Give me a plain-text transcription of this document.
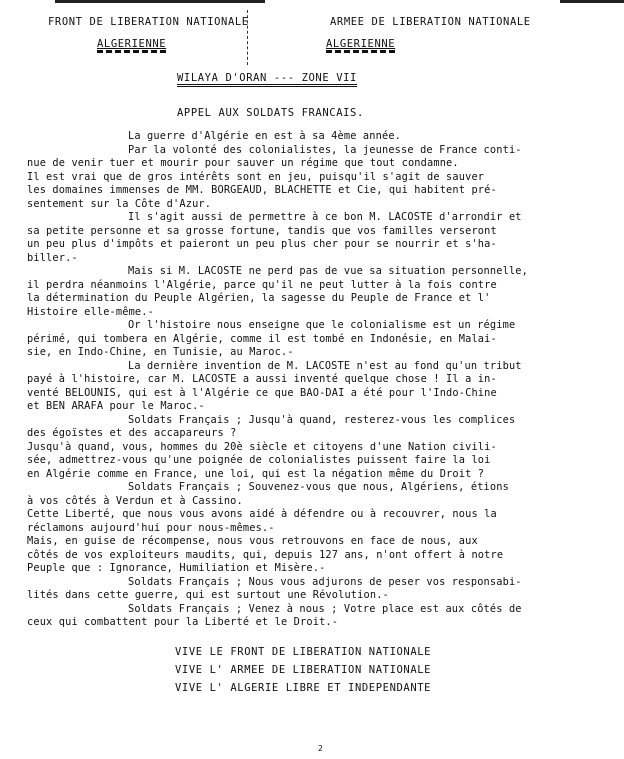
FRONT DE LIBERATION NATIONALE
ALGERIENNE
ARMEE DE LIBERATION NATIONALE
ALGERIENNE
WILAYA D'ORAN --- ZONE VII
APPEL AUX SOLDATS FRANCAIS.
La guerre d'Algérie en est à sa 4ème année.
Par la volonté des colonialistes, la jeunesse de France conti-
nue de venir tuer et mourir pour sauver un régime que tout condamne.
Il est vrai que de gros intérêts sont en jeu, puisqu'il s'agit de sauver
les domaines immenses de MM. BORGEAUD, BLACHETTE et Cie, qui habitent pré-
sentement sur la Côte d'Azur.
Il s'agit aussi de permettre à ce bon M. LACOSTE d'arrondir et
sa petite personne et sa grosse fortune, tandis que vos familles verseront
un peu plus d'impôts et paieront un peu plus cher pour se nourrir et s'ha-
biller.-
Mais si M. LACOSTE ne perd pas de vue sa situation personnelle,
il perdra néanmoins l'Algérie, parce qu'il ne peut lutter à la fois contre
la détermination du Peuple Algérien, la sagesse du Peuple de France et l'
Histoire elle-même.-
Or l'histoire nous enseigne que le colonialisme est un régime
périmé, qui tombera en Algérie, comme il est tombé en Indonésie, en Malai-
sie, en Indo-Chine, en Tunisie, au Maroc.-
La dernière invention de M. LACOSTE n'est au fond qu'un tribut
payé à l'histoire, car M. LACOSTE a aussi inventé quelque chose ! Il a in-
venté BELOUNIS, qui est à l'Algérie ce que BAO-DAI a été pour l'Indo-Chine
et BEN ARAFA pour le Maroc.-
Soldats Français ; Jusqu'à quand, resterez-vous les complices
des égoïstes et des accapareurs ?
Jusqu'à quand, vous, hommes du 20è siècle et citoyens d'une Nation civili-
sée, admettrez-vous qu'une poignée de colonialistes puissent faire la loi
en Algérie comme en France, une loi, qui est la négation même du Droit ?
Soldats Français ; Souvenez-vous que nous, Algériens, étions
à vos côtés à Verdun et à Cassino.
Cette Liberté, que nous vous avons aidé à défendre ou à recouvrer, nous la
réclamons aujourd'hui pour nous-mêmes.-
Mais, en guise de récompense, nous vous retrouvons en face de nous, aux
côtés de vos exploiteurs maudits, qui, depuis 127 ans, n'ont offert à notre
Peuple que : Ignorance, Humiliation et Misère.-
Soldats Français ; Nous vous adjurons de peser vos responsabi-
lités dans cette guerre, qui est surtout une Révolution.-
Soldats Français ; Venez à nous ; Votre place est aux côtés de
ceux qui combattent pour la Liberté et le Droit.-
VIVE LE FRONT DE LIBERATION NATIONALE
VIVE L' ARMEE DE LIBERATION NATIONALE
VIVE L' ALGERIE LIBRE ET INDEPENDANTE
2
